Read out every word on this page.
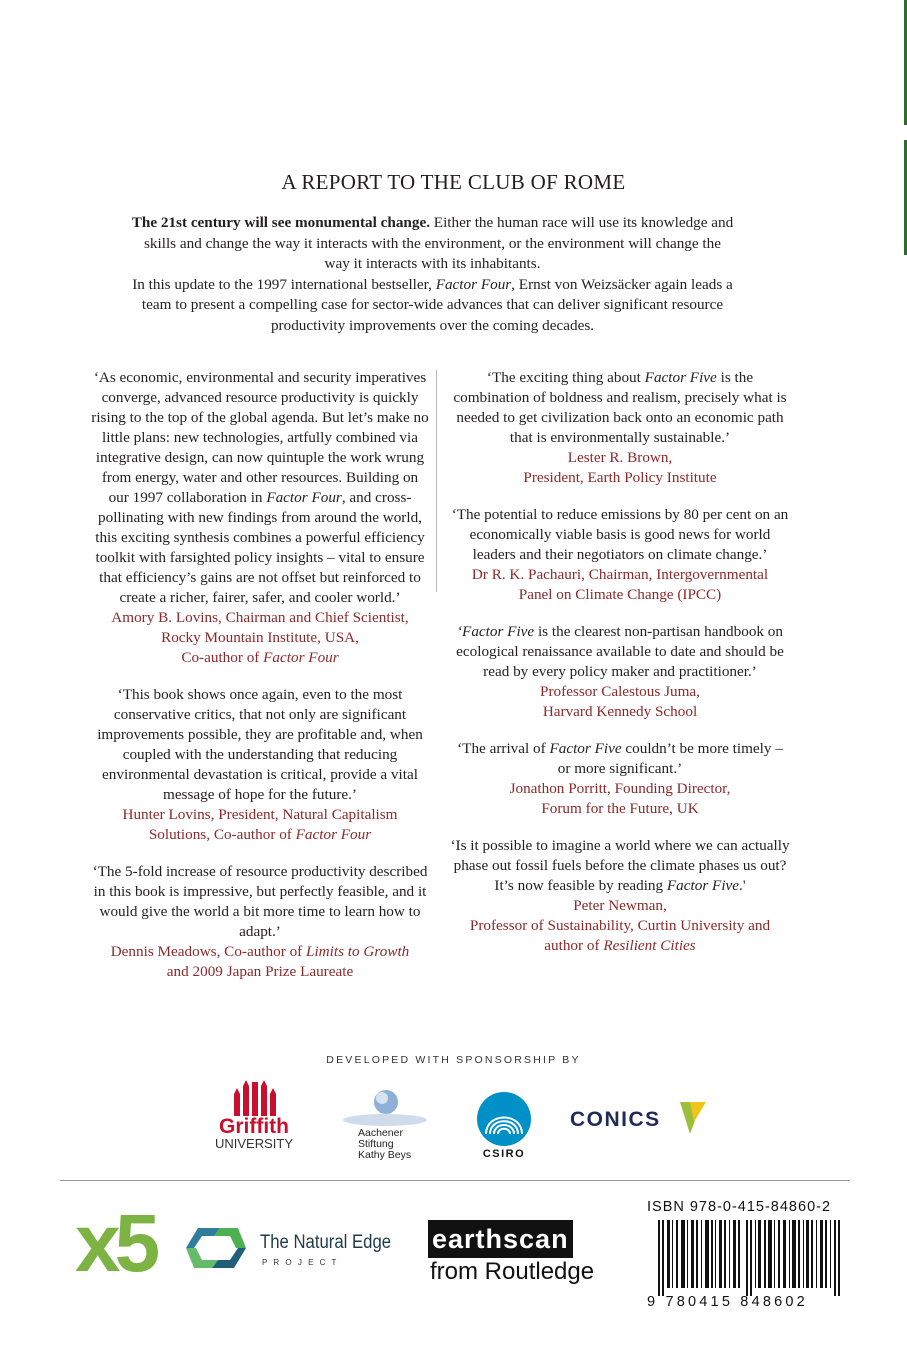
A REPORT TO THE CLUB OF ROME

The 21st century will see monumental change. Either the human race will use its knowledge and skills and change the way it interacts with the environment, or the environment will change the way it interacts with its inhabitants.

In this update to the 1997 international bestseller, Factor Four, Ernst von Weizsäcker again leads a team to present a compelling case for sector-wide advances that can deliver significant resource productivity improvements over the coming decades.

‘As economic, environmental and security imperatives converge, advanced resource productivity is quickly rising to the top of the global agenda. But let’s make no little plans: new technologies, artfully combined via integrative design, can now quintuple the work wrung from energy, water and other resources. Building on our 1997 collaboration in Factor Four, and cross-pollinating with new findings from around the world, this exciting synthesis combines a powerful efficiency toolkit with farsighted policy insights – vital to ensure that efficiency’s gains are not offset but reinforced to create a richer, fairer, safer, and cooler world.’

Amory B. Lovins, Chairman and Chief Scientist,

Rocky Mountain Institute, USA,

Co-author of Factor Four

‘This book shows once again, even to the most conservative critics, that not only are significant improvements possible, they are profitable and, when coupled with the understanding that reducing environmental devastation is critical, provide a vital message of hope for the future.’

Hunter Lovins, President, Natural Capitalism

Solutions, Co-author of Factor Four

‘The 5-fold increase of resource productivity described in this book is impressive, but perfectly feasible, and it would give the world a bit more time to learn how to adapt.’

Dennis Meadows, Co-author of Limits to Growth

and 2009 Japan Prize Laureate

‘The exciting thing about Factor Five is the combination of boldness and realism, precisely what is needed to get civilization back onto an economic path that is environmentally sustainable.’

Lester R. Brown,

President, Earth Policy Institute

‘The potential to reduce emissions by 80 per cent on an economically viable basis is good news for world leaders and their negotiators on climate change.’

Dr R. K. Pachauri, Chairman, Intergovernmental

Panel on Climate Change (IPCC)

‘Factor Five is the clearest non-partisan handbook on ecological renaissance available to date and should be read by every policy maker and practitioner.’

Professor Calestous Juma,

Harvard Kennedy School

‘The arrival of Factor Five couldn’t be more timely – or more significant.’

Jonathon Porritt, Founding Director,

Forum for the Future, UK

‘Is it possible to imagine a world where we can actually phase out fossil fuels before the climate phases us out? It’s now feasible by reading Factor Five.'

Peter Newman,

Professor of Sustainability, Curtin University and

author of Resilient Cities

DEVELOPED WITH SPONSORSHIP BY
Griffith
UNIVERSITY
Aachener
Stiftung
Kathy Beys	CSIRO
CONICS
x5	The Natural Edge
P R O J E C T
earthscan
from Routledge
ISBN 978-0-415-84860-2
9 780415 848602
